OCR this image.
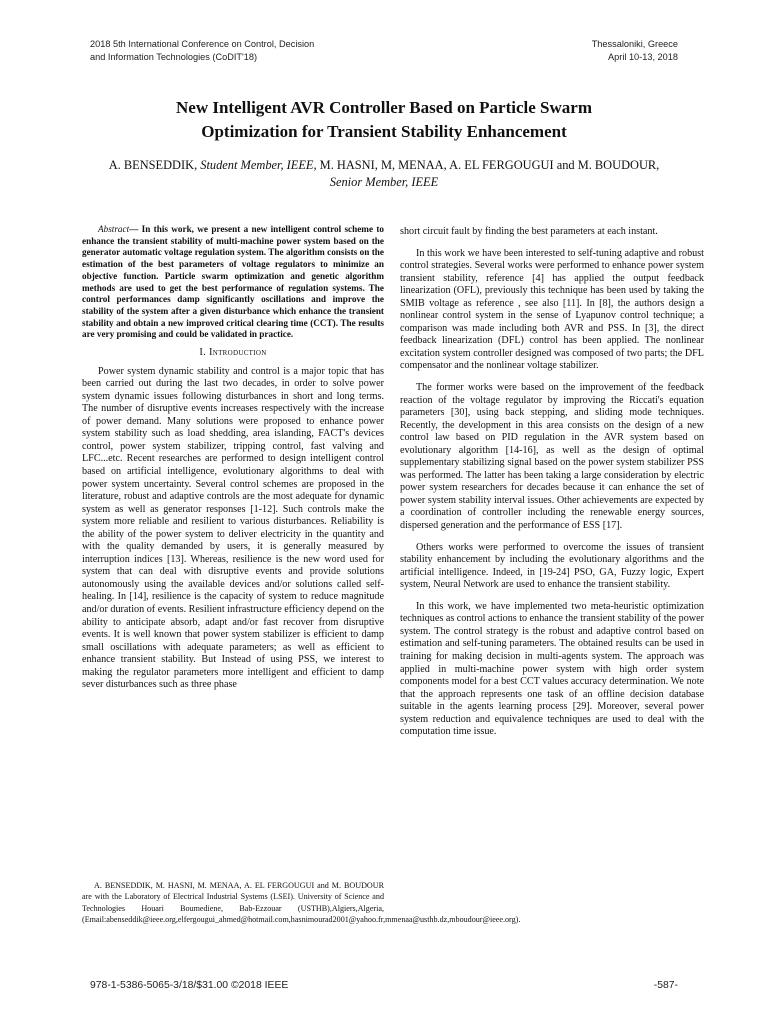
2018 5th International Conference on Control, Decision
and Information Technologies (CoDIT'18)
Thessaloniki, Greece
April 10-13, 2018
New Intelligent AVR Controller Based on Particle Swarm
Optimization for Transient Stability Enhancement
A. BENSEDDIK, Student Member, IEEE, M. HASNI, M, MENAA, A. EL FERGOUGUI and M. BOUDOUR, Senior Member, IEEE

Abstract— In this work, we present a new intelligent control scheme to enhance the transient stability of multi-machine power system based on the generator automatic voltage regulation system. The algorithm consists on the estimation of the best parameters of voltage regulators to minimize an objective function. Particle swarm optimization and genetic algorithm methods are used to get the best performance of regulation systems. The control performances damp significantly oscillations and improve the stability of the system after a given disturbance which enhance the transient stability and obtain a new improved critical clearing time (CCT). The results are very promising and could be validated in practice.

I. Introduction

Power system dynamic stability and control is a major topic that has been carried out during the last two decades, in order to solve power system dynamic issues following disturbances in short and long terms. The number of disruptive events increases respectively with the increase of power demand. Many solutions were proposed to enhance power system stability such as load shedding, area islanding, FACT's devices control, power system stabilizer, tripping control, fast valving and LFC...etc. Recent researches are performed to design intelligent control based on artificial intelligence, evolutionary algorithms to deal with power system uncertainty. Several control schemes are proposed in the literature, robust and adaptive controls are the most adequate for dynamic system as well as generator responses [1-12]. Such controls make the system more reliable and resilient to various disturbances. Reliability is the ability of the power system to deliver electricity in the quantity and with the quality demanded by users, it is generally measured by interruption indices [13]. Whereas, resilience is the new word used for system that can deal with disruptive events and provide solutions autonomously using the available devices and/or solutions called self-healing. In [14], resilience is the capacity of system to reduce magnitude and/or duration of events. Resilient infrastructure efficiency depend on the ability to anticipate absorb, adapt and/or fast recover from disruptive events. It is well known that power system stabilizer is efficient to damp small oscillations with adequate parameters; as well as efficient to enhance transient stability. But Instead of using PSS, we interest to making the regulator parameters more intelligent and efficient to damp sever disturbances such as three phase

A. BENSEDDIK, M. HASNI, M. MENAA, A. EL FERGOUGUI and M. BOUDOUR are with the Laboratory of Electrical Industrial Systems (LSEI). University of Science and Technologies Houari Boumediene, Bab-Ezzouar (USTHB),Algiers,Algeria,(Email:abenseddik@ieee.org,elfergougui_ahmed@hotmail.com,hasnimourad2001@yahoo.fr,mmenaa@usthb.dz,mboudour@ieee.org).

short circuit fault by finding the best parameters at each instant.

In this work we have been interested to self-tuning adaptive and robust control strategies. Several works were performed to enhance power system transient stability, reference [4] has applied the output feedback linearization (OFL), previously this technique has been used by taking the SMIB voltage as reference , see also [11]. In [8], the authors design a nonlinear control system in the sense of Lyapunov control technique; a comparison was made including both AVR and PSS. In [3], the direct feedback linearization (DFL) control has been applied. The nonlinear excitation system controller designed was composed of two parts; the DFL compensator and the nonlinear voltage stabilizer.

The former works were based on the improvement of the feedback reaction of the voltage regulator by improving the Riccati's equation parameters [30], using back stepping, and sliding mode techniques. Recently, the development in this area consists on the design of a new control law based on PID regulation in the AVR system based on evolutionary algorithm [14-16], as well as the design of optimal supplementary stabilizing signal based on the power system stabilizer PSS was performed. The latter has been taking a large consideration by electric power system researchers for decades because it can enhance the set of power system stability interval issues. Other achievements are expected by a coordination of controller including the renewable energy sources, dispersed generation and the performance of ESS [17].

Others works were performed to overcome the issues of transient stability enhancement by including the evolutionary algorithms and the artificial intelligence. Indeed, in [19-24] PSO, GA, Fuzzy logic, Expert system, Neural Network are used to enhance the transient stability.

In this work, we have implemented two meta-heuristic optimization techniques as control actions to enhance the transient stability of the power system. The control strategy is the robust and adaptive control based on estimation and self-tuning parameters. The obtained results can be used in training for making decision in multi-agents system. The approach was applied in multi-machine power system with high order system components model for a best CCT values accuracy determination. We note that the approach represents one task of an offline decision database suitable in the agents learning process [29]. Moreover, several power system reduction and equivalence techniques are used to deal with the computation time issue.

978-1-5386-5065-3/18/$31.00 ©2018 IEEE	-587-
